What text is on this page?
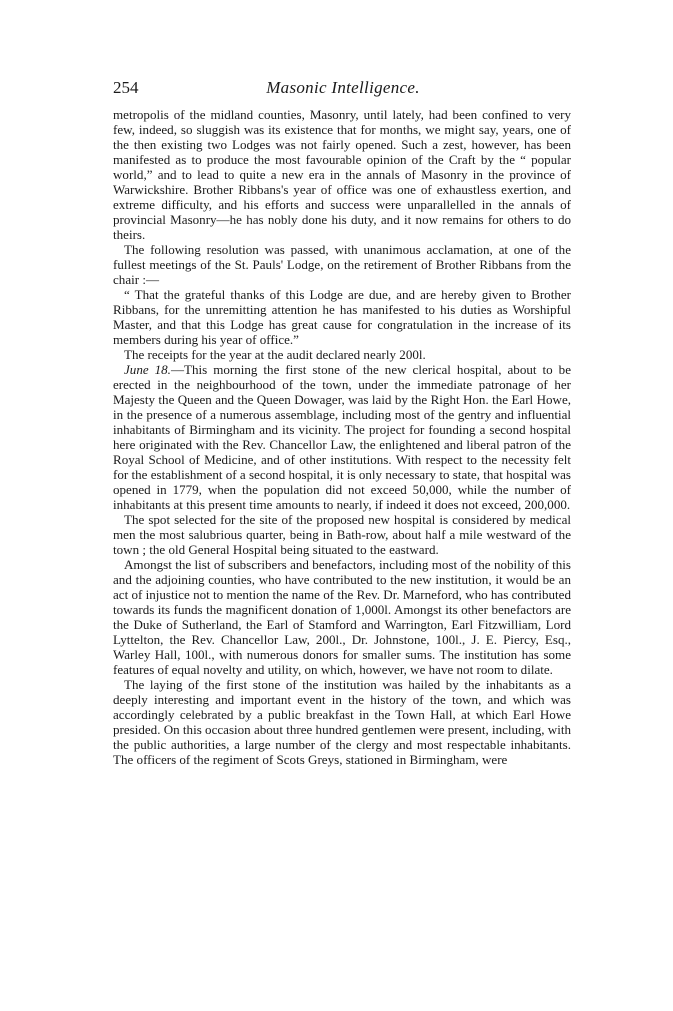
254	Masonic Intelligence.

metropolis of the midland counties, Masonry, until lately, had been confined to very few, indeed, so sluggish was its existence that for months, we might say, years, one of the then existing two Lodges was not fairly opened. Such a zest, however, has been manifested as to produce the most favourable opinion of the Craft by the “ popular world,” and to lead to quite a new era in the annals of Masonry in the province of Warwickshire. Brother Ribbans's year of office was one of exhaustless exertion, and extreme difficulty, and his efforts and success were unparallelled in the annals of provincial Masonry—he has nobly done his duty, and it now remains for others to do theirs.

The following resolution was passed, with unanimous acclamation, at one of the fullest meetings of the St. Pauls' Lodge, on the retirement of Brother Ribbans from the chair :—

“ That the grateful thanks of this Lodge are due, and are hereby given to Brother Ribbans, for the unremitting attention he has manifested to his duties as Worshipful Master, and that this Lodge has great cause for congratulation in the increase of its members during his year of office.”

The receipts for the year at the audit declared nearly 200l.

June 18.—This morning the first stone of the new clerical hospital, about to be erected in the neighbourhood of the town, under the immediate patronage of her Majesty the Queen and the Queen Dowager, was laid by the Right Hon. the Earl Howe, in the presence of a numerous assemblage, including most of the gentry and influential inhabitants of Birmingham and its vicinity. The project for founding a second hospital here originated with the Rev. Chancellor Law, the enlightened and liberal patron of the Royal School of Medicine, and of other institutions. With respect to the necessity felt for the establishment of a second hospital, it is only necessary to state, that hospital was opened in 1779, when the population did not exceed 50,000, while the number of inhabitants at this present time amounts to nearly, if indeed it does not exceed, 200,000.

The spot selected for the site of the proposed new hospital is considered by medical men the most salubrious quarter, being in Bath-row, about half a mile westward of the town ; the old General Hospital being situated to the eastward.

Amongst the list of subscribers and benefactors, including most of the nobility of this and the adjoining counties, who have contributed to the new institution, it would be an act of injustice not to mention the name of the Rev. Dr. Marneford, who has contributed towards its funds the magnificent donation of 1,000l. Amongst its other benefactors are the Duke of Sutherland, the Earl of Stamford and Warrington, Earl Fitzwilliam, Lord Lyttelton, the Rev. Chancellor Law, 200l., Dr. Johnstone, 100l., J. E. Piercy, Esq., Warley Hall, 100l., with numerous donors for smaller sums. The institution has some features of equal novelty and utility, on which, however, we have not room to dilate.

The laying of the first stone of the institution was hailed by the inhabitants as a deeply interesting and important event in the history of the town, and which was accordingly celebrated by a public breakfast in the Town Hall, at which Earl Howe presided. On this occasion about three hundred gentlemen were present, including, with the public authorities, a large number of the clergy and most respectable inhabitants. The officers of the regiment of Scots Greys, stationed in Birmingham, were
